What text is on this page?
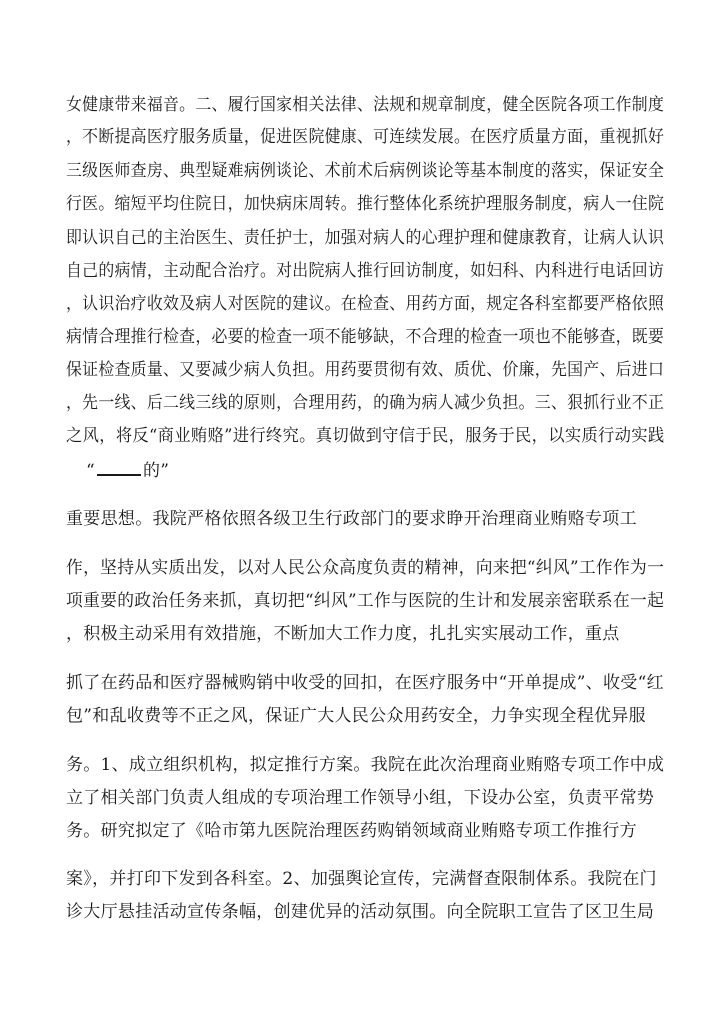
女健康带来福音。二、履行国家相关法律、法规和规章制度，健全医院各项工作制度
，不断提高医疗服务质量，促进医院健康、可连续发展。在医疗质量方面，重视抓好
三级医师查房、典型疑难病例谈论、术前术后病例谈论等基本制度的落实，保证安全
行医。缩短平均住院日，加快病床周转。推行整体化系统护理服务制度，病人一住院
即认识自己的主治医生、责任护士，加强对病人的心理护理和健康教育，让病人认识
自己的病情，主动配合治疗。对出院病人推行回访制度，如妇科、内科进行电话回访
，认识治疗收效及病人对医院的建议。在检查、用药方面，规定各科室都要严格依照
病情合理推行检查，必要的检查一项不能够缺，不合理的检查一项也不能够查，既要
保证检查质量、又要减少病人负担。用药要贯彻有效、质优、价廉，先国产、后进口
，先一线、后二线三线的原则，合理用药，的确为病人减少负担。三、狠抓行业不正
之风，将反“商业贿赂”进行终究。真切做到守信于民，服务于民，以实质行动实践
“	的”
重要思想。我院严格依照各级卫生行政部门的要求睁开治理商业贿赂专项工
作，坚持从实质出发，以对人民公众高度负责的精神，向来把“纠风”工作作为一
项重要的政治任务来抓，真切把“纠风”工作与医院的生计和发展亲密联系在一起
，积极主动采用有效措施，不断加大工作力度，扎扎实实展动工作，重点
抓了在药品和医疗器械购销中收受的回扣，在医疗服务中“开单提成”、收受“红
包”和乱收费等不正之风，保证广大人民公众用药安全，力争实现全程优异服
务。1、成立组织机构，拟定推行方案。我院在此次治理商业贿赂专项工作中成
立了相关部门负责人组成的专项治理工作领导小组，下设办公室，负责平常势
务。研究拟定了《哈市第九医院治理医药购销领域商业贿赂专项工作推行方
案》，并打印下发到各科室。2、加强舆论宣传，完满督查限制体系。我院在门
诊大厅悬挂活动宣传条幅，创建优异的活动氛围。向全院职工宣告了区卫生局
